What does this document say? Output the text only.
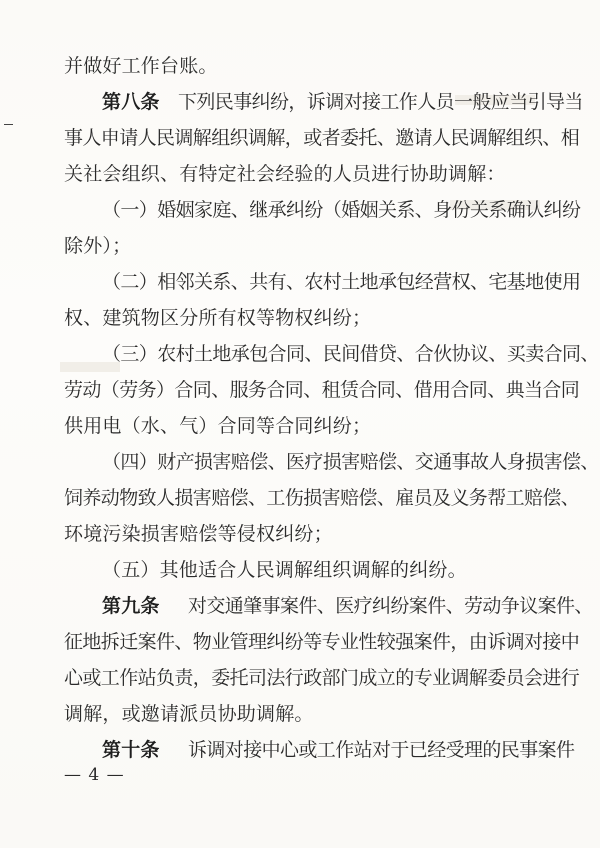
并做好工作台账。
第八条 下列民事纠纷，诉调对接工作人员一般应当引导当
事人申请人民调解组织调解，或者委托、邀请人民调解组织、相
关社会组织、有特定社会经验的人员进行协助调解：
（一）婚姻家庭、继承纠纷（婚姻关系、身份关系确认纠纷
除外）；
（二）相邻关系、共有、农村土地承包经营权、宅基地使用
权、建筑物区分所有权等物权纠纷；
（三）农村土地承包合同、民间借贷、合伙协议、买卖合同、
劳动（劳务）合同、服务合同、租赁合同、借用合同、典当合同
供用电（水、气）合同等合同纠纷；
（四）财产损害赔偿、医疗损害赔偿、交通事故人身损害偿、
饲养动物致人损害赔偿、工伤损害赔偿、雇员及义务帮工赔偿、
环境污染损害赔偿等侵权纠纷；
（五）其他适合人民调解组织调解的纠纷。
第九条 对交通肇事案件、医疗纠纷案件、劳动争议案件、
征地拆迁案件、物业管理纠纷等专业性较强案件，由诉调对接中
心或工作站负责，委托司法行政部门成立的专业调解委员会进行
调解，或邀请派员协助调解。
第十条 诉调对接中心或工作站对于已经受理的民事案件
— 4 —
